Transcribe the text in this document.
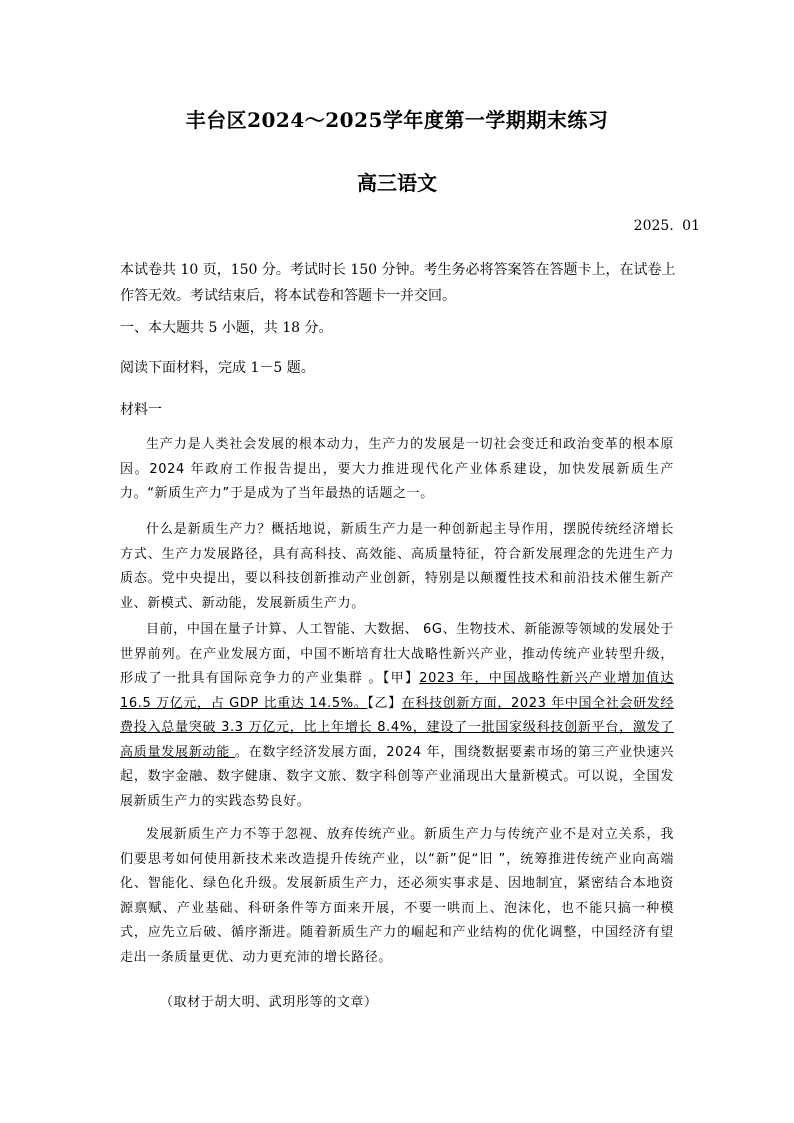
丰台区2024～2025学年度第一学期期末练习
高三语文
2025. 01
本试卷共 10 页，150 分。考试时长 150 分钟。考生务必将答案答在答题卡上，在试卷上作答无效。考试结束后，将本试卷和答题卡一并交回。
一、本大题共 5 小题，共 18 分。
阅读下面材料，完成 1－5 题。
材料一

生产力是人类社会发展的根本动力，生产力的发展是一切社会变迁和政治变革的根本原因。2024 年政府工作报告提出，要大力推进现代化产业体系建设，加快发展新质生产力。“新质生产力”于是成为了当年最热的话题之一。

什么是新质生产力？概括地说，新质生产力是一种创新起主导作用，摆脱传统经济增长方式、生产力发展路径，具有高科技、高效能、高质量特征，符合新发展理念的先进生产力质态。党中央提出，要以科技创新推动产业创新，特别是以颠覆性技术和前沿技术催生新产业、新模式、新动能，发展新质生产力。

目前，中国在量子计算、人工智能、大数据、 6G、生物技术、新能源等领域的发展处于世界前列。在产业发展方面，中国不断培育壮大战略性新兴产业，推动传统产业转型升级，形成了一批具有国际竞争力的产业集群 。【甲】2023 年，中国战略性新兴产业增加值达 16.5 万亿元，占 GDP 比重达 14.5%。【乙】在科技创新方面，2023 年中国全社会研发经费投入总量突破 3.3 万亿元，比上年增长 8.4%，建设了一批国家级科技创新平台，激发了高质量发展新动能 。在数字经济发展方面，2024 年，围绕数据要素市场的第三产业快速兴起，数字金融、数字健康、数字文旅、数字科创等产业涌现出大量新模式。可以说，全国发展新质生产力的实践态势良好。

发展新质生产力不等于忽视、放弃传统产业。新质生产力与传统产业不是对立关系，我们要思考如何使用新技术来改造提升传统产业，以“新”促“旧 ”，统筹推进传统产业向高端化、智能化、绿色化升级。发展新质生产力，还必须实事求是、因地制宜，紧密结合本地资源禀赋、产业基础、科研条件等方面来开展，不要一哄而上、泡沫化，也不能只搞一种模式，应先立后破、循序渐进。随着新质生产力的崛起和产业结构的优化调整，中国经济有望走出一条质量更优、动力更充沛的增长路径。

（取材于胡大明、武玥彤等的文章）
